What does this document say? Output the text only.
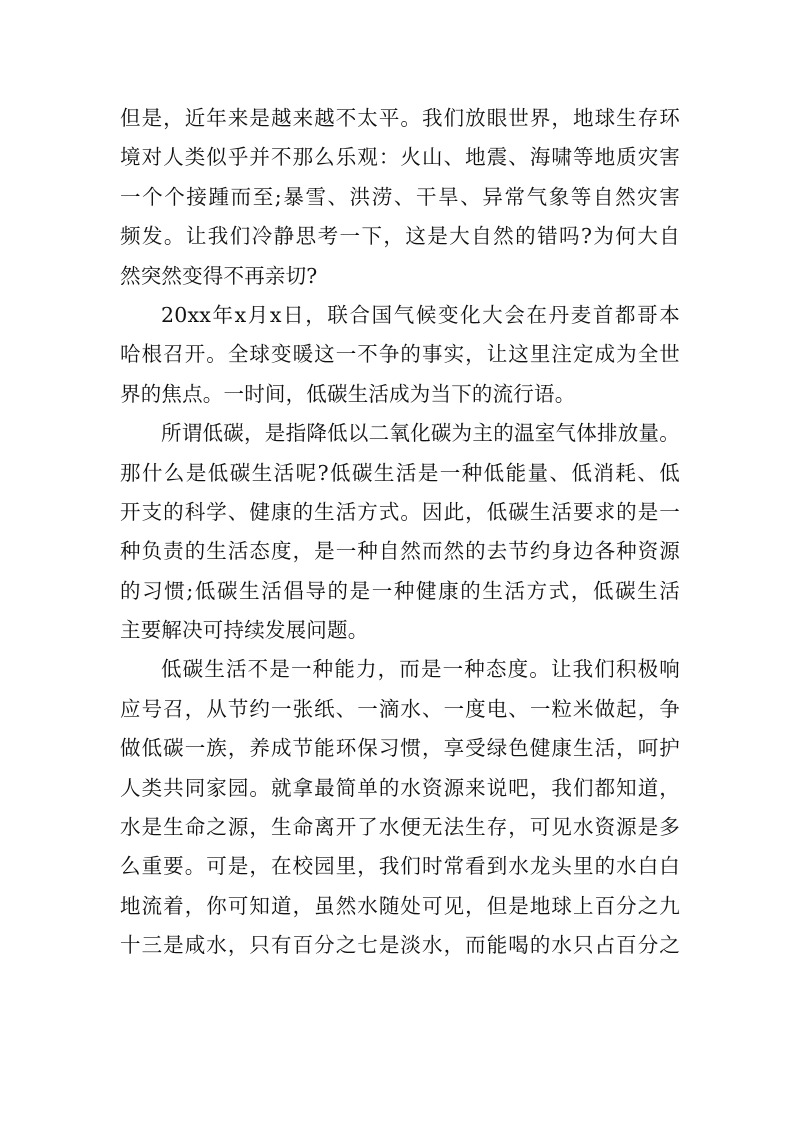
但是，近年来是越来越不太平。我们放眼世界，地球生存环
境对人类似乎并不那么乐观：火山、地震、海啸等地质灾害
一个个接踵而至;暴雪、洪涝、干旱、异常气象等自然灾害
频发。让我们冷静思考一下，这是大自然的错吗?为何大自
然突然变得不再亲切?
20xx年x月x日，联合国气候变化大会在丹麦首都哥本
哈根召开。全球变暖这一不争的事实，让这里注定成为全世
界的焦点。一时间，低碳生活成为当下的流行语。
所谓低碳，是指降低以二氧化碳为主的温室气体排放量。
那什么是低碳生活呢?低碳生活是一种低能量、低消耗、低
开支的科学、健康的生活方式。因此，低碳生活要求的是一
种负责的生活态度，是一种自然而然的去节约身边各种资源
的习惯;低碳生活倡导的是一种健康的生活方式，低碳生活
主要解决可持续发展问题。
低碳生活不是一种能力，而是一种态度。让我们积极响
应号召，从节约一张纸、一滴水、一度电、一粒米做起，争
做低碳一族，养成节能环保习惯，享受绿色健康生活，呵护
人类共同家园。就拿最简单的水资源来说吧，我们都知道，
水是生命之源，生命离开了水便无法生存，可见水资源是多
么重要。可是，在校园里，我们时常看到水龙头里的水白白
地流着，你可知道，虽然水随处可见，但是地球上百分之九
十三是咸水，只有百分之七是淡水，而能喝的水只占百分之
